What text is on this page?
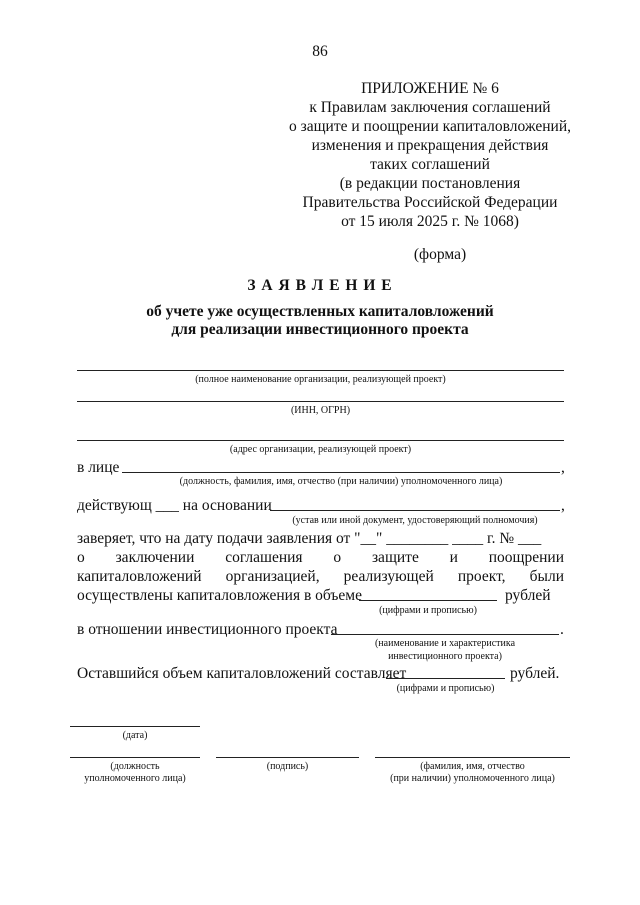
86
ПРИЛОЖЕНИЕ № 6
к Правилам заключения соглашений
о защите и поощрении капиталовложений,
изменения и прекращения действия
таких соглашений
(в редакции постановления
Правительства Российской Федерации
от 15 июля 2025 г. № 1068)
(форма)
З А Я В Л Е Н И Е
об учете уже осуществленных капиталовложений
для реализации инвестиционного проекта
(полное наименование организации, реализующей проект)
(ИНН, ОГРН)
(адрес организации, реализующей проект)
в лице	,
(должность, фамилия, имя, отчество (при наличии) уполномоченного лица)
действующ ___ на основании	,
(устав или иной документ, удостоверяющий полномочия)
заверяет, что на дату подачи заявления от "__" ________ ____ г. № ___
о заключении соглашения о защите и поощрении
капиталовложений организацией, реализующей проект, были
осуществлены капиталовложения в объеме	рублей
(цифрами и прописью)
в отношении инвестиционного проекта	.
(наименование и характеристика
инвестиционного проекта)
Оставшийся объем капиталовложений составляет	рублей.
(цифрами и прописью)
(дата)
(должность
уполномоченного лица)
(подпись)	(фамилия, имя, отчество
(при наличии) уполномоченного лица)
